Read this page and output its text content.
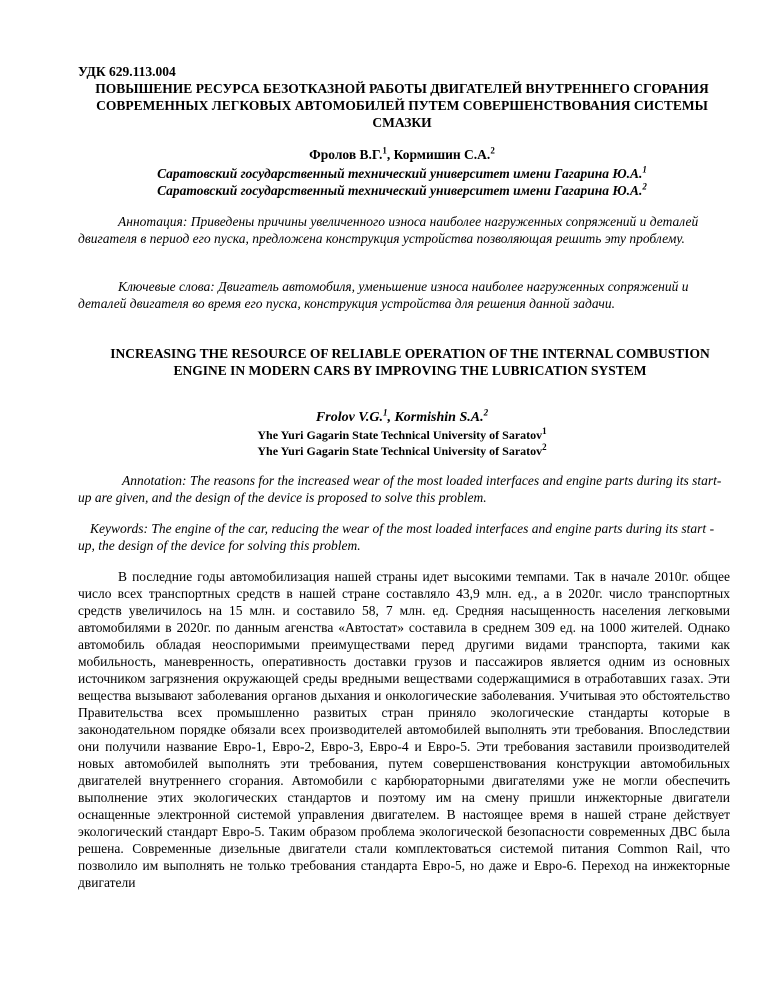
УДК 629.113.004
ПОВЫШЕНИЕ РЕСУРСА БЕЗОТКАЗНОЙ РАБОТЫ ДВИГАТЕЛЕЙ ВНУТРЕННЕГО СГОРАНИЯ СОВРЕМЕННЫХ ЛЕГКОВЫХ АВТОМОБИЛЕЙ ПУТЕМ СОВЕРШЕНСТВОВАНИЯ СИСТЕМЫ СМАЗКИ
Фролов В.Г.$^1$, Кормишин С.А.$^2$
Саратовский государственный технический университет имени Гагарина Ю.А.$^1$
Саратовский государственный технический университет имени Гагарина Ю.А.$^2$

Аннотация: Приведены причины увеличенного износа наиболее нагруженных сопряжений и деталей двигателя в период его пуска, предложена конструкция устройства позволяющая решить эту проблему.

Ключевые слова: Двигатель автомобиля, уменьшение износа наиболее нагруженных сопряжений и деталей двигателя во время его пуска, конструкция устройства для решения данной задачи.

INCREASING THE RESOURCE OF RELIABLE OPERATION OF THE INTERNAL COMBUSTION ENGINE IN MODERN CARS BY IMPROVING THE LUBRICATION SYSTEM
Frolov V.G.$^1$, Kormishin S.A.$^2$
Yhe Yuri Gagarin State Technical University of Saratov$^1$
Yhe Yuri Gagarin State Technical University of Saratov$^2$

Annotation: The reasons for the increased wear of the most loaded interfaces and engine parts during its start-up are given, and the design of the device is proposed to solve this problem.

Keywords: The engine of the car, reducing the wear of the most loaded interfaces and engine parts during its start - up, the design of the device for solving this problem.

В последние годы автомобилизация нашей страны идет высокими темпами. Так в начале 2010г. общее число всех транспортных средств в нашей стране составляло 43,9 млн. ед., а в 2020г. число транспортных средств увеличилось на 15 млн. и составило 58, 7 млн. ед. Средняя насыщенность населения легковыми автомобилями в 2020г. по данным агенства «Автостат» составила в среднем 309 ед. на 1000 жителей. Однако автомобиль обладая неоспоримыми преимуществами перед другими видами транспорта, такими как мобильность, маневренность, оперативность доставки грузов и пассажиров является одним из основных источником загрязнения окружающей среды вредными веществами содержащимися в отработавших газах. Эти вещества вызывают заболевания органов дыхания и онкологические заболевания. Учитывая это обстоятельство Правительства всех промышленно развитых стран приняло экологические стандарты которые в законодательном порядке обязали всех производителей автомобилей выполнять эти требования. Впоследствии они получили название Евро-1, Евро-2, Евро-3, Евро-4 и Евро-5. Эти требования заставили производителей новых автомобилей выполнять эти требования, путем совершенствования конструкции автомобильных двигателей внутреннего сгорания. Автомобили с карбюраторными двигателями уже не могли обеспечить выполнение этих экологических стандартов и поэтому им на смену пришли инжекторные двигатели оснащенные электронной системой управления двигателем. В настоящее время в нашей стране действует экологический стандарт Евро-5. Таким образом проблема экологической безопасности современных ДВС была решена. Современные дизельные двигатели стали комплектоваться системой питания Common Rail, что позволило им выполнять не только требования стандарта Евро-5, но даже и Евро-6. Переход на инжекторные двигатели
